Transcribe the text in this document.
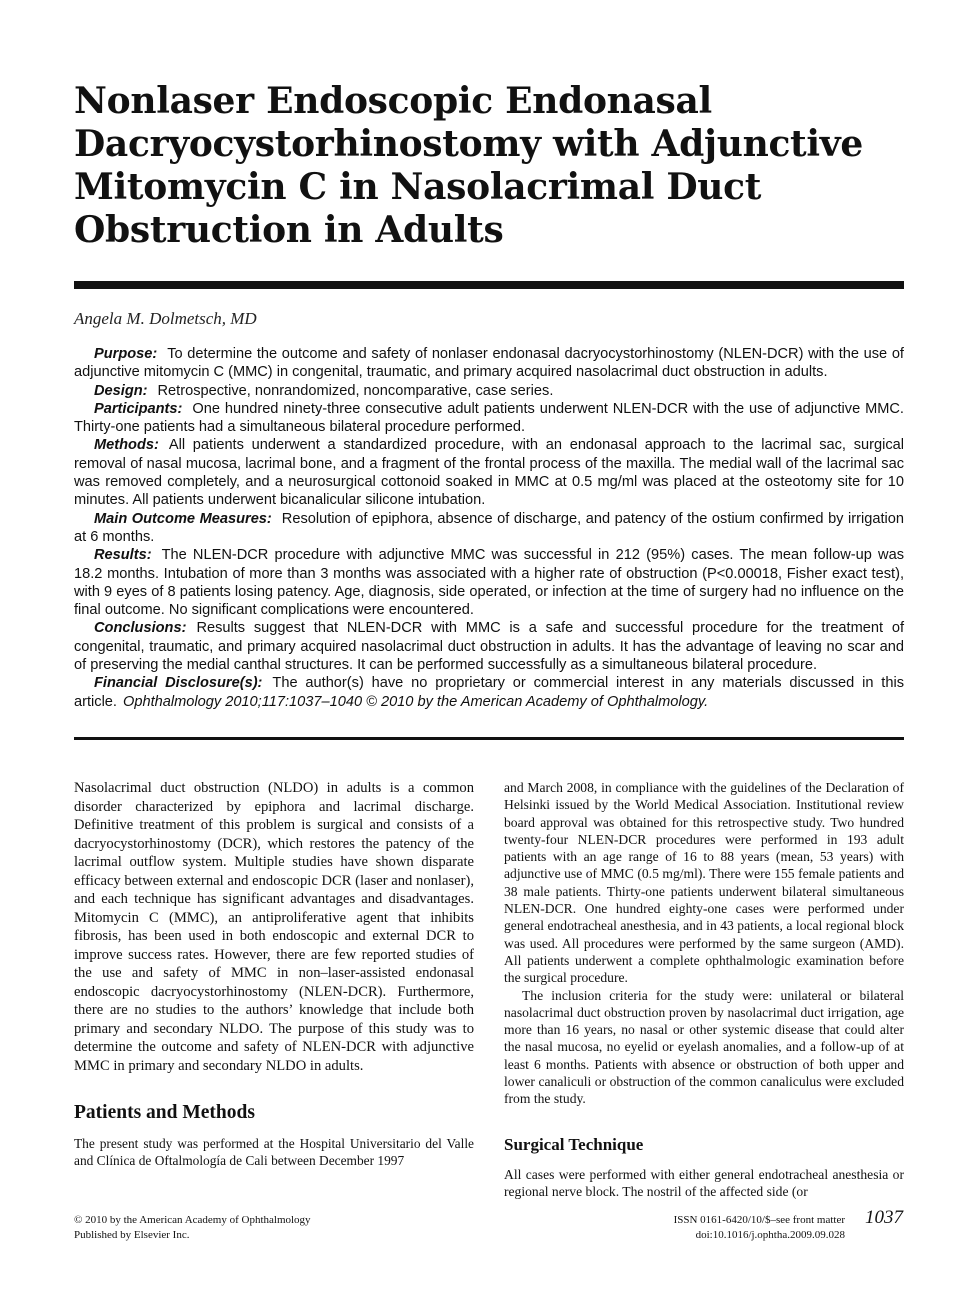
Nonlaser Endoscopic Endonasal Dacryocystorhinostomy with Adjunctive Mitomycin C in Nasolacrimal Duct Obstruction in Adults
Angela M. Dolmetsch, MD

Purpose: To determine the outcome and safety of nonlaser endonasal dacryocystorhinostomy (NLEN-DCR) with the use of adjunctive mitomycin C (MMC) in congenital, traumatic, and primary acquired nasolacrimal duct obstruction in adults.

Design: Retrospective, nonrandomized, noncomparative, case series.

Participants: One hundred ninety-three consecutive adult patients underwent NLEN-DCR with the use of adjunctive MMC. Thirty-one patients had a simultaneous bilateral procedure performed.

Methods: All patients underwent a standardized procedure, with an endonasal approach to the lacrimal sac, surgical removal of nasal mucosa, lacrimal bone, and a fragment of the frontal process of the maxilla. The medial wall of the lacrimal sac was removed completely, and a neurosurgical cottonoid soaked in MMC at 0.5 mg/ml was placed at the osteotomy site for 10 minutes. All patients underwent bicanalicular silicone intubation.

Main Outcome Measures: Resolution of epiphora, absence of discharge, and patency of the ostium confirmed by irrigation at 6 months.

Results: The NLEN-DCR procedure with adjunctive MMC was successful in 212 (95%) cases. The mean follow-up was 18.2 months. Intubation of more than 3 months was associated with a higher rate of obstruction (P<0.00018, Fisher exact test), with 9 eyes of 8 patients losing patency. Age, diagnosis, side operated, or infection at the time of surgery had no influence on the final outcome. No significant complications were encountered.

Conclusions: Results suggest that NLEN-DCR with MMC is a safe and successful procedure for the treatment of congenital, traumatic, and primary acquired nasolacrimal duct obstruction in adults. It has the advantage of leaving no scar and of preserving the medial canthal structures. It can be performed successfully as a simultaneous bilateral procedure.

Financial Disclosure(s): The author(s) have no proprietary or commercial interest in any materials discussed in this article. Ophthalmology 2010;117:1037–1040 © 2010 by the American Academy of Ophthalmology.

Nasolacrimal duct obstruction (NLDO) in adults is a common disorder characterized by epiphora and lacrimal discharge. Definitive treatment of this problem is surgical and consists of a dacryocystorhinostomy (DCR), which restores the patency of the lacrimal outflow system. Multiple studies have shown disparate efficacy between external and endoscopic DCR (laser and nonlaser), and each technique has significant advantages and disadvantages. Mitomycin C (MMC), an antiproliferative agent that inhibits fibrosis, has been used in both endoscopic and external DCR to improve success rates. However, there are few reported studies of the use and safety of MMC in non–laser-assisted endonasal endoscopic dacryocystorhinostomy (NLEN-DCR). Furthermore, there are no studies to the authors’ knowledge that include both primary and secondary NLDO. The purpose of this study was to determine the outcome and safety of NLEN-DCR with adjunctive MMC in primary and secondary NLDO in adults.

Patients and Methods

The present study was performed at the Hospital Universitario del Valle and Clínica de Oftalmología de Cali between December 1997

and March 2008, in compliance with the guidelines of the Declaration of Helsinki issued by the World Medical Association. Institutional review board approval was obtained for this retrospective study. Two hundred twenty-four NLEN-DCR procedures were performed in 193 adult patients with an age range of 16 to 88 years (mean, 53 years) with adjunctive use of MMC (0.5 mg/ml). There were 155 female patients and 38 male patients. Thirty-one patients underwent bilateral simultaneous NLEN-DCR. One hundred eighty-one cases were performed under general endotracheal anesthesia, and in 43 patients, a local regional block was used. All procedures were performed by the same surgeon (AMD). All patients underwent a complete ophthalmologic examination before the surgical procedure.

The inclusion criteria for the study were: unilateral or bilateral nasolacrimal duct obstruction proven by nasolacrimal duct irrigation, age more than 16 years, no nasal or other systemic disease that could alter the nasal mucosa, no eyelid or eyelash anomalies, and a follow-up of at least 6 months. Patients with absence or obstruction of both upper and lower canaliculi or obstruction of the common canaliculus were excluded from the study.

Surgical Technique

All cases were performed with either general endotracheal anesthesia or regional nerve block. The nostril of the affected side (or

© 2010 by the American Academy of Ophthalmology
Published by Elsevier Inc.
ISSN 0161-6420/10/$–see front matter
doi:10.1016/j.ophtha.2009.09.028
1037
